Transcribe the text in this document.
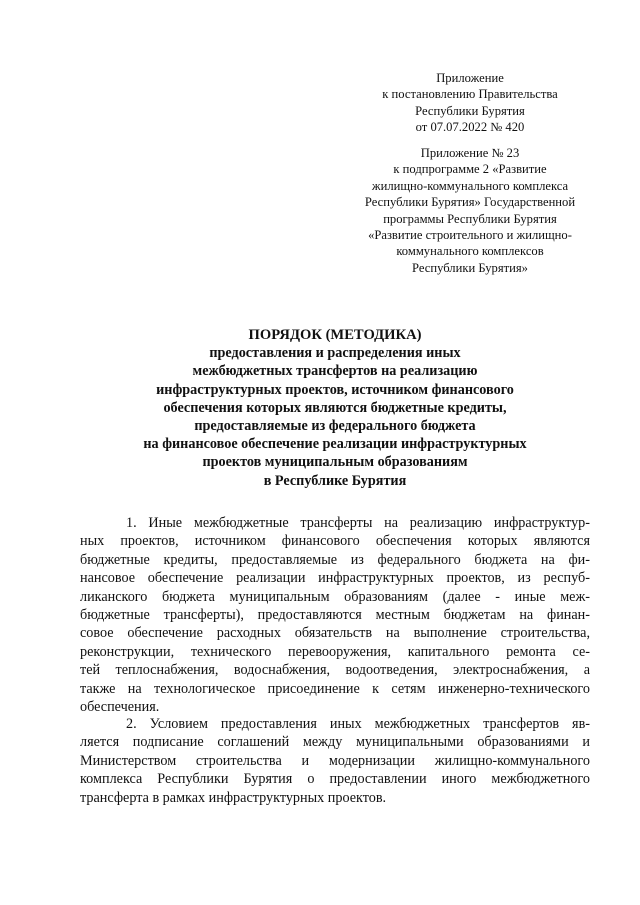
Приложение
к постановлению Правительства
Республики Бурятия
от 07.07.2022 № 420
Приложение № 23
к подпрограмме 2 «Развитие
жилищно-коммунального комплекса
Республики Бурятия» Государственной
программы Республики Бурятия
«Развитие строительного и жилищно-
коммунального комплексов
Республики Бурятия»
ПОРЯДОК (МЕТОДИКА)
предоставления и распределения иных
межбюджетных трансфертов на реализацию
инфраструктурных проектов, источником финансового
обеспечения которых являются бюджетные кредиты,
предоставляемые из федерального бюджета
на финансовое обеспечение реализации инфраструктурных
проектов муниципальным образованиям
в Республике Бурятия
1. Иные межбюджетные трансферты на реализацию инфраструктур-
ных проектов, источником финансового обеспечения которых являются
бюджетные кредиты, предоставляемые из федерального бюджета на фи-
нансовое обеспечение реализации инфраструктурных проектов, из респуб-
ликанского бюджета муниципальным образованиям (далее - иные меж-
бюджетные трансферты), предоставляются местным бюджетам на финан-
совое обеспечение расходных обязательств на выполнение строительства,
реконструкции, технического перевооружения, капитального ремонта се-
тей теплоснабжения, водоснабжения, водоотведения, электроснабжения, а
также на технологическое присоединение к сетям инженерно-технического
обеспечения.
2. Условием предоставления иных межбюджетных трансфертов яв-
ляется подписание соглашений между муниципальными образованиями и
Министерством строительства и модернизации жилищно-коммунального
комплекса Республики Бурятия о предоставлении иного межбюджетного
трансферта в рамках инфраструктурных проектов.
